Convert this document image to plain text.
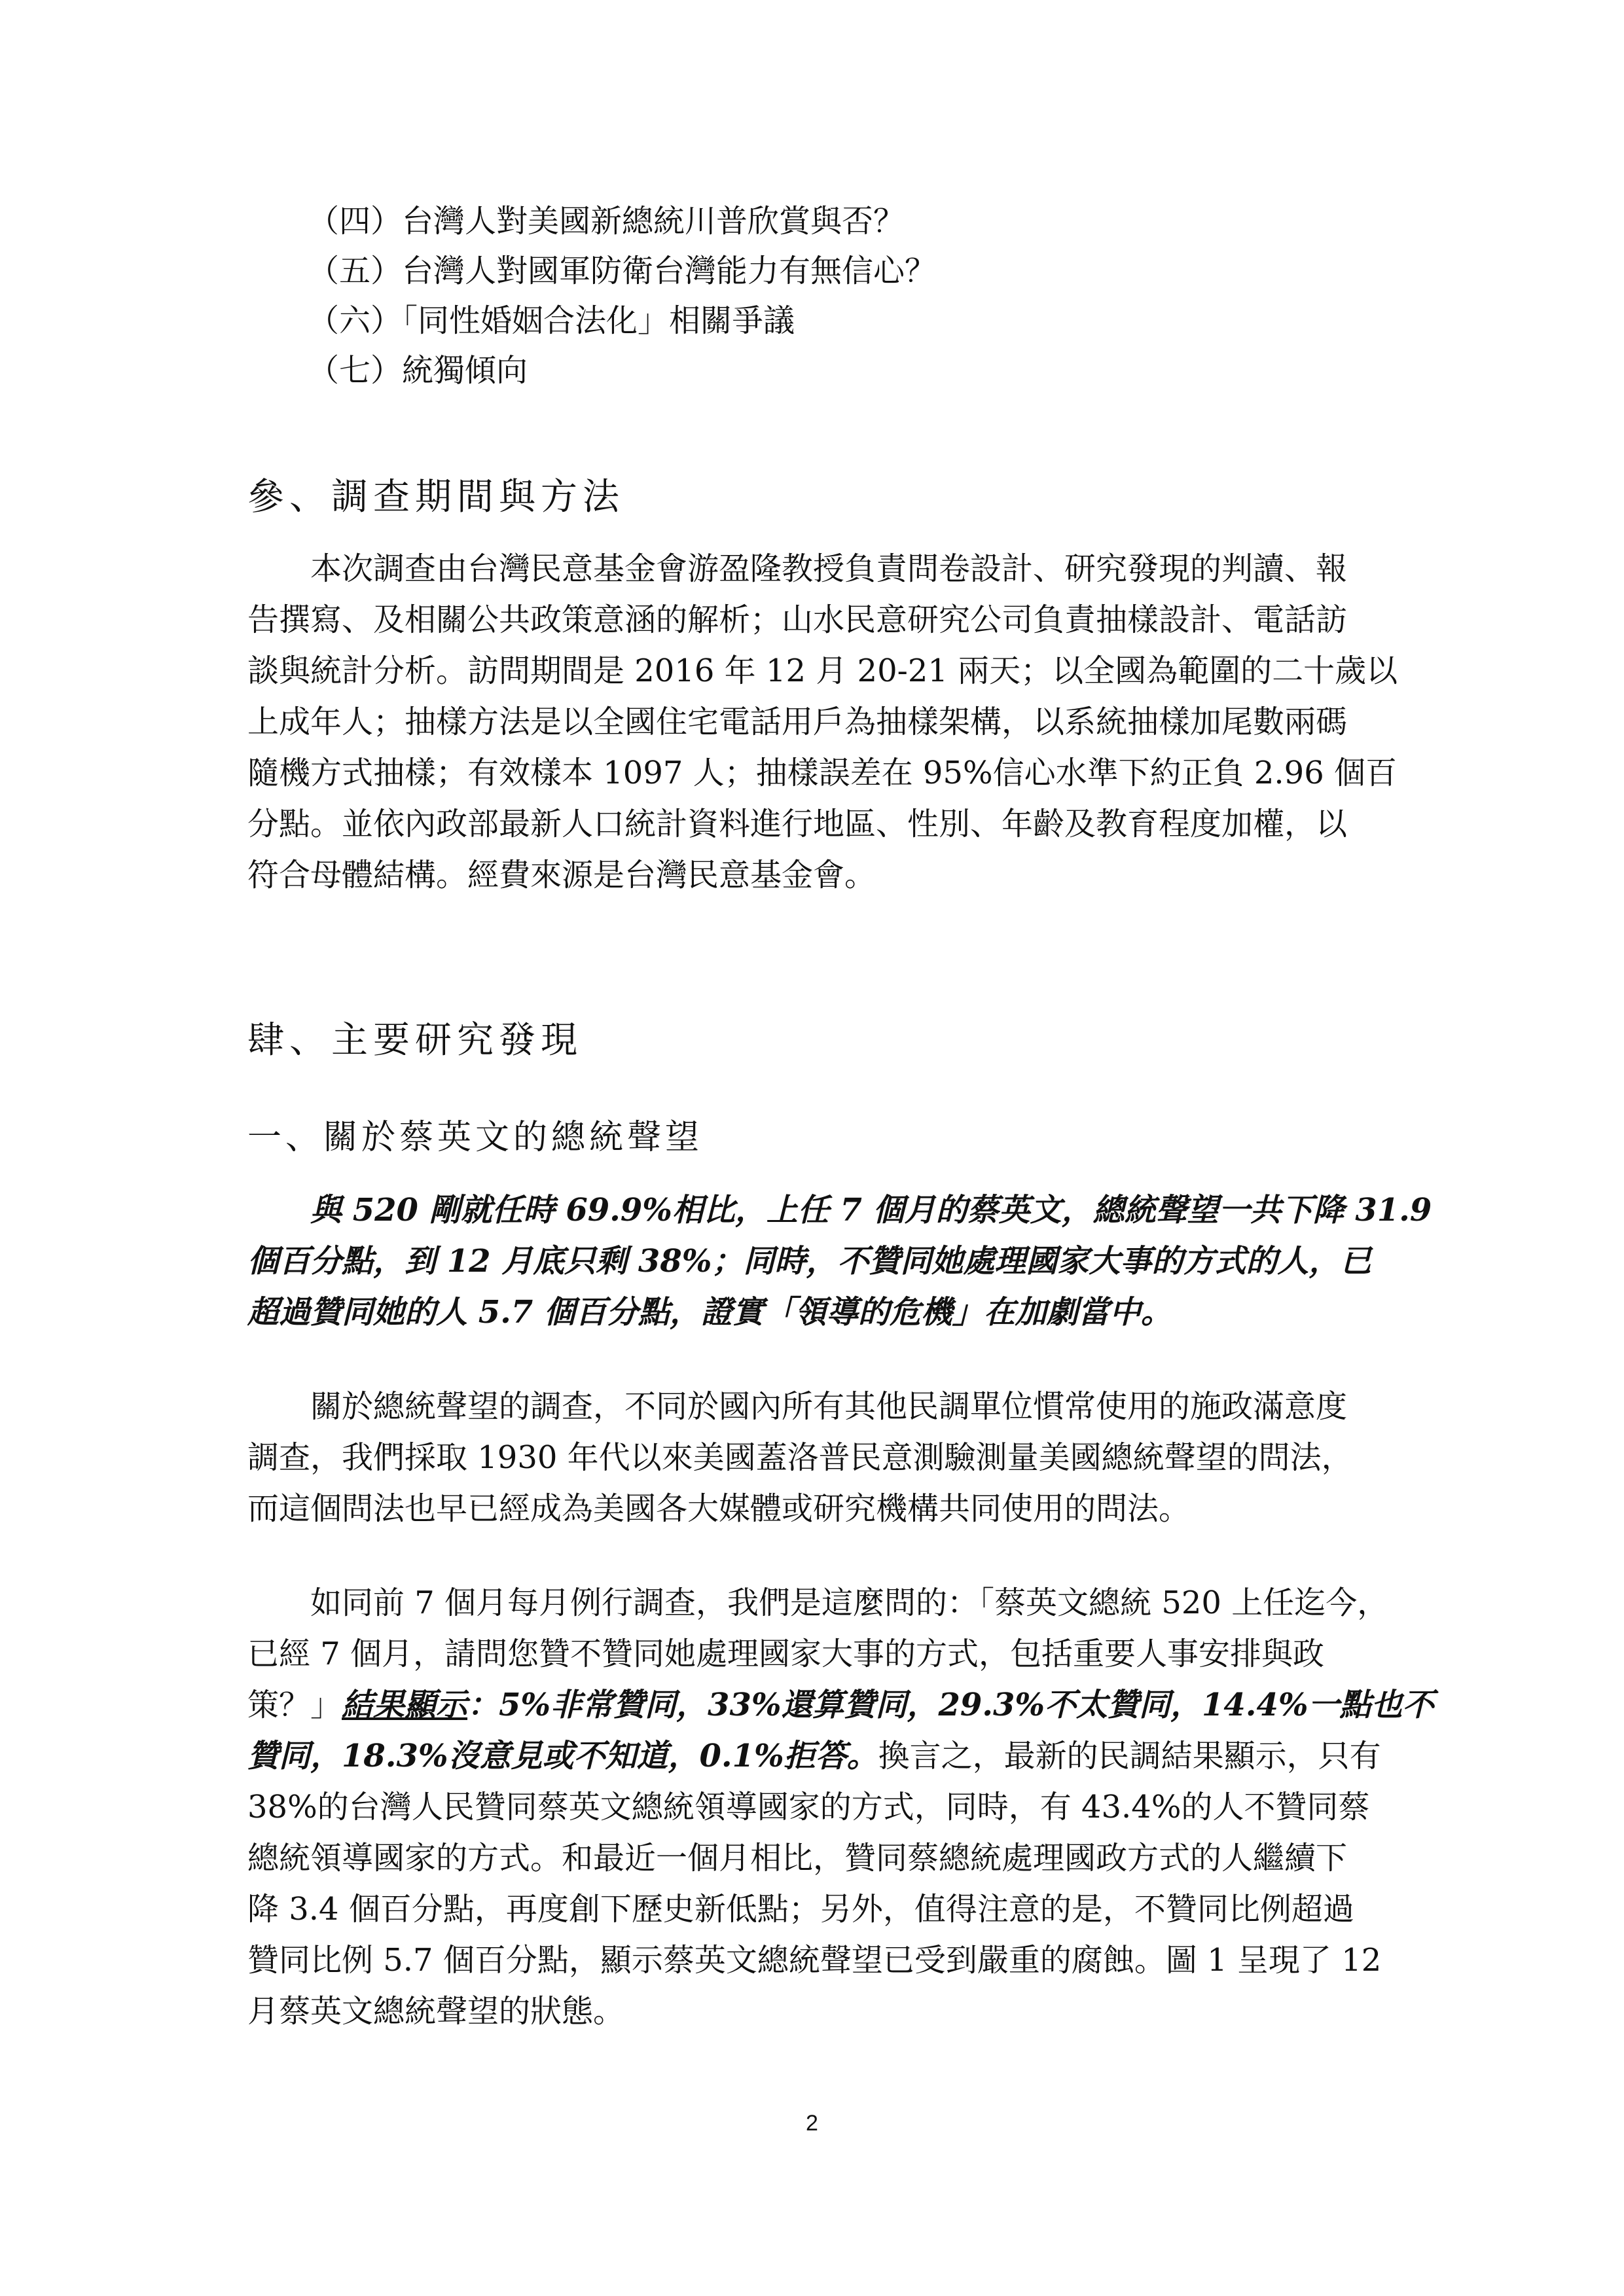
（四）台灣人對美國新總統川普欣賞與否？
（五）台灣人對國軍防衛台灣能力有無信心？
（六）「同性婚姻合法化」相關爭議
（七）統獨傾向
參、調查期間與方法
本次調查由台灣民意基金會游盈隆教授負責問卷設計、研究發現的判讀、報
告撰寫、及相關公共政策意涵的解析；山水民意研究公司負責抽樣設計、電話訪
談與統計分析。訪問期間是 2016 年 12 月 20-21 兩天；以全國為範圍的二十歲以
上成年人；抽樣方法是以全國住宅電話用戶為抽樣架構，以系統抽樣加尾數兩碼
隨機方式抽樣；有效樣本 1097 人；抽樣誤差在 95%信心水準下約正負 2.96 個百
分點。並依內政部最新人口統計資料進行地區、性別、年齡及教育程度加權，以
符合母體結構。經費來源是台灣民意基金會。
肆、主要研究發現
一、關於蔡英文的總統聲望
與 520 剛就任時 69.9%相比，上任 7 個月的蔡英文，總統聲望一共下降 31.9
個百分點，到 12 月底只剩 38%；同時，不贊同她處理國家大事的方式的人，已
超過贊同她的人 5.7 個百分點，證實「領導的危機」在加劇當中。
關於總統聲望的調查，不同於國內所有其他民調單位慣常使用的施政滿意度
調查，我們採取 1930 年代以來美國蓋洛普民意測驗測量美國總統聲望的問法，
而這個問法也早已經成為美國各大媒體或研究機構共同使用的問法。
如同前 7 個月每月例行調查，我們是這麼問的：「蔡英文總統 520 上任迄今，
已經 7 個月，請問您贊不贊同她處理國家大事的方式，包括重要人事安排與政
策？」結果顯示：5%非常贊同，33%還算贊同，29.3%不太贊同，14.4%一點也不
贊同，18.3%沒意見或不知道，0.1%拒答。換言之，最新的民調結果顯示，只有
38%的台灣人民贊同蔡英文總統領導國家的方式，同時，有 43.4%的人不贊同蔡
總統領導國家的方式。和最近一個月相比，贊同蔡總統處理國政方式的人繼續下
降 3.4 個百分點，再度創下歷史新低點；另外，值得注意的是，不贊同比例超過
贊同比例 5.7 個百分點，顯示蔡英文總統聲望已受到嚴重的腐蝕。圖 1 呈現了 12
月蔡英文總統聲望的狀態。
2
